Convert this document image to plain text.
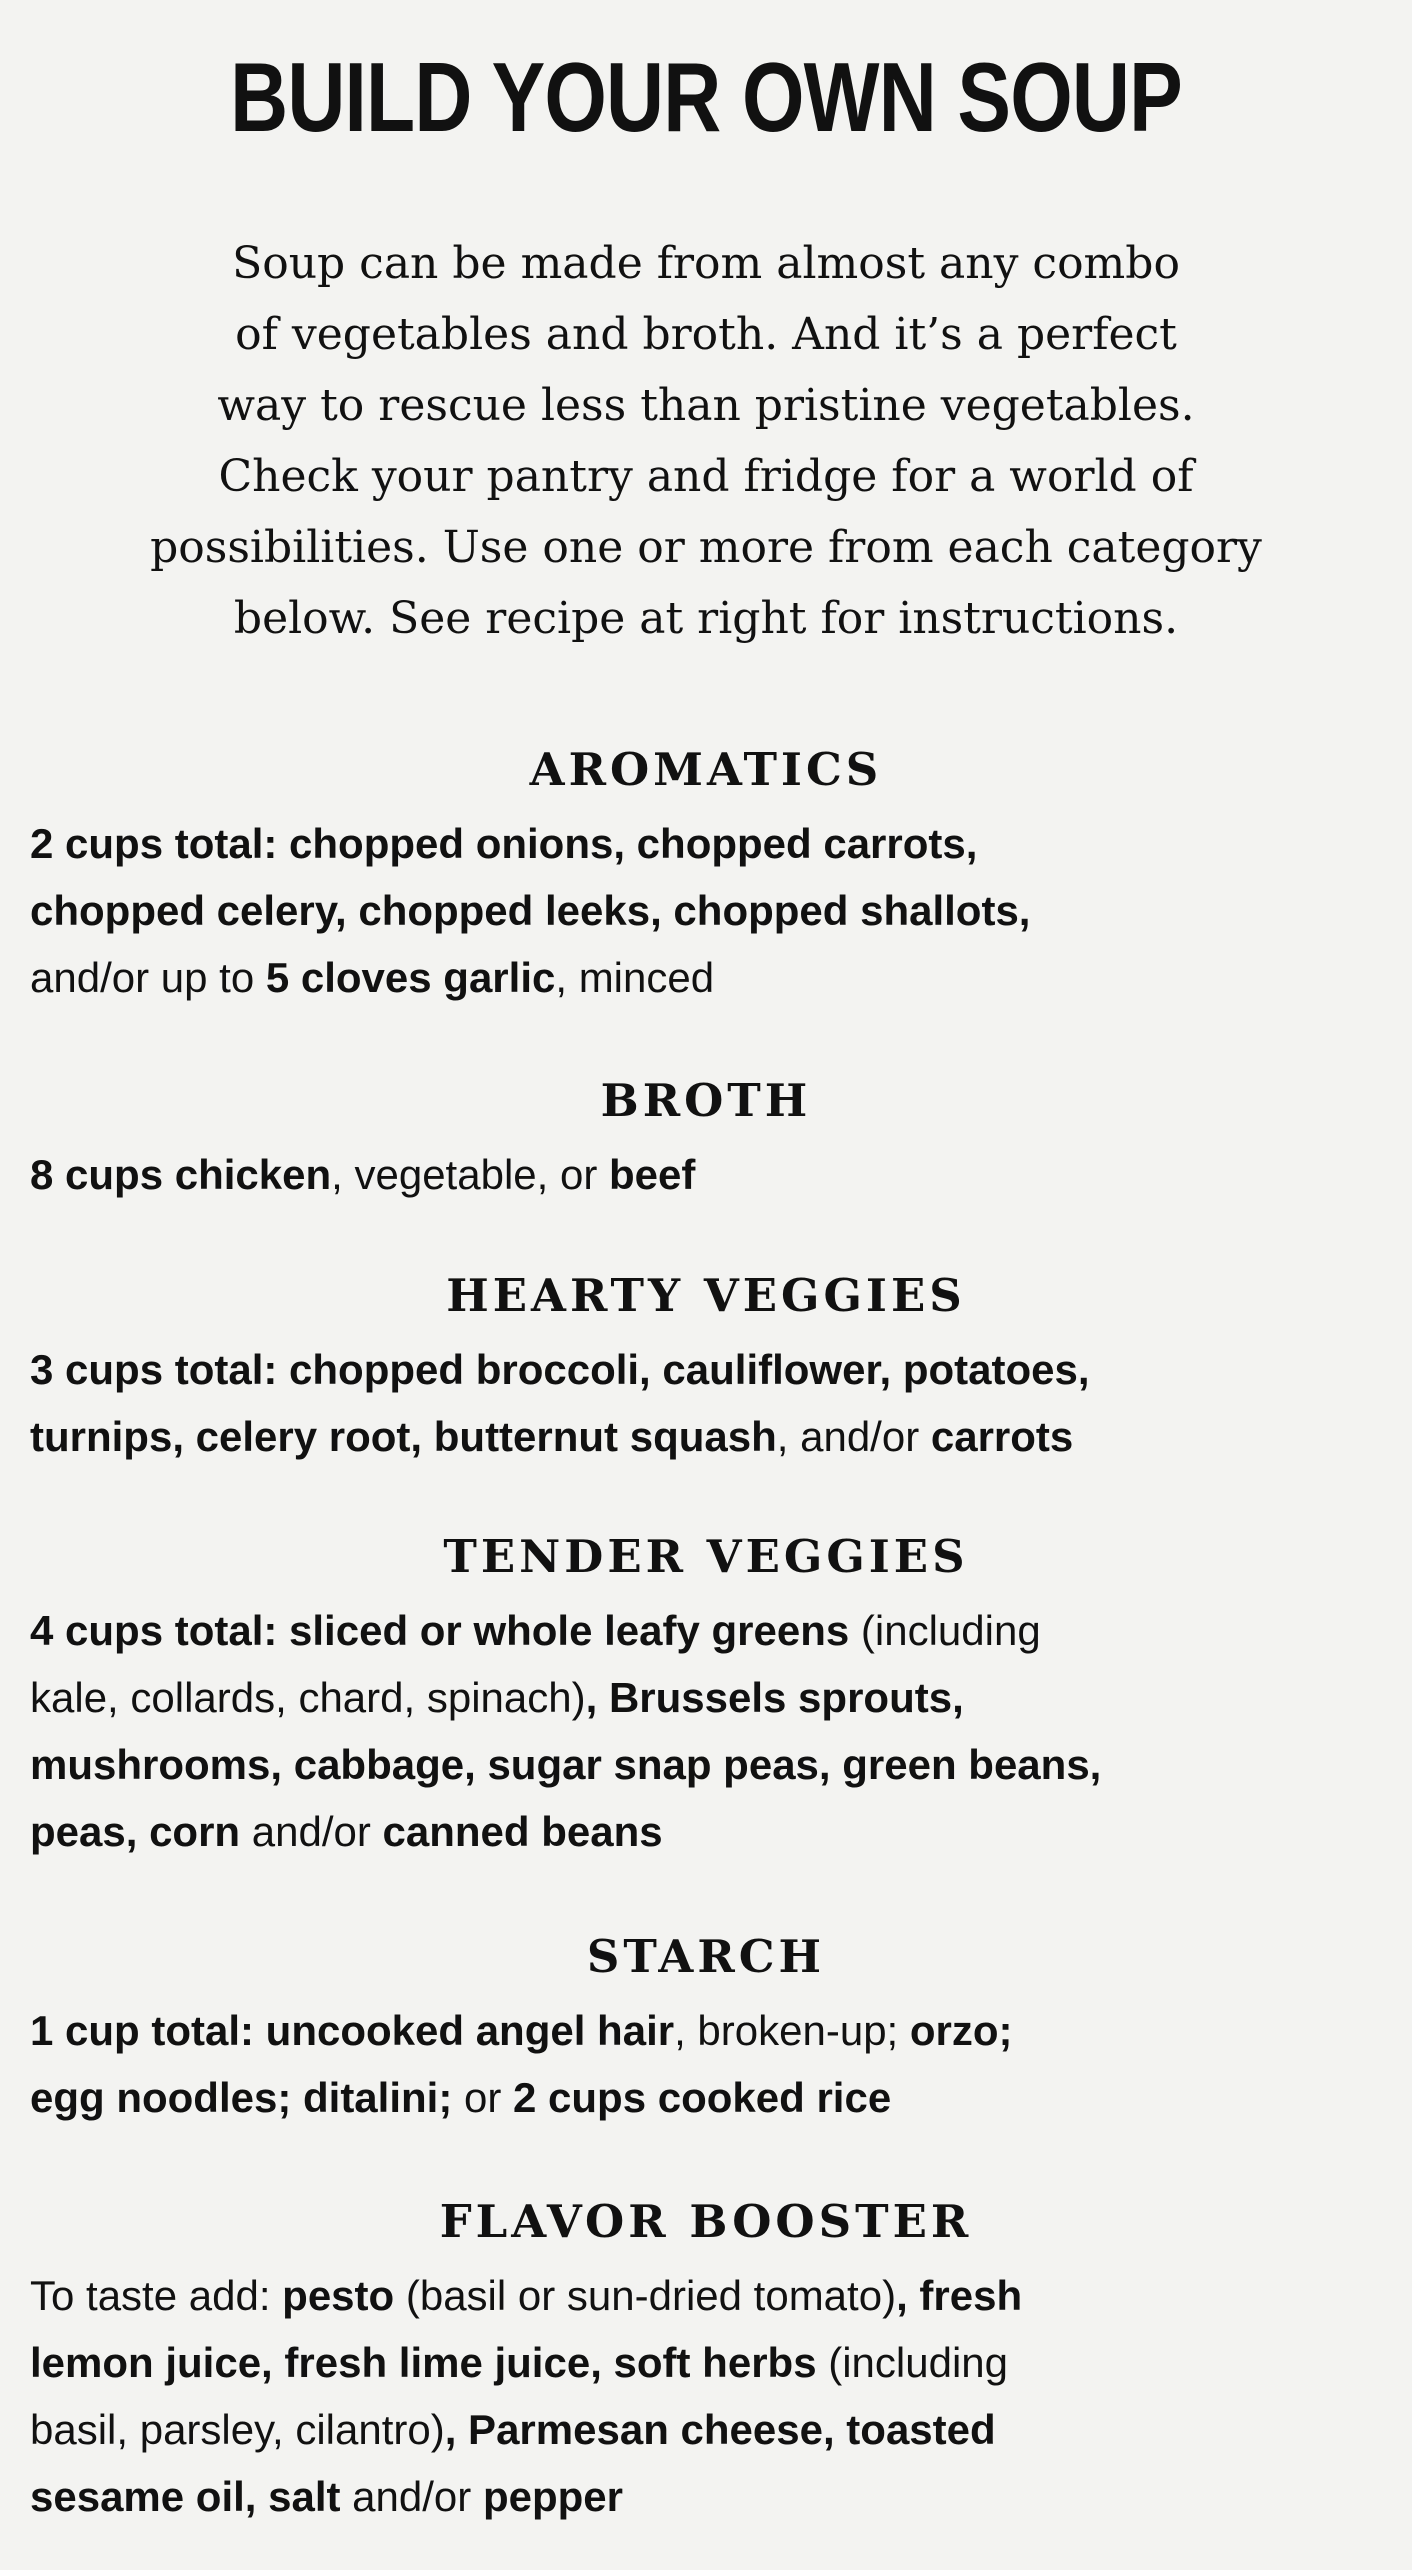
BUILD YOUR OWN SOUP

Soup can be made from almost any combo
of vegetables and broth. And it’s a perfect
way to rescue less than pristine vegetables.
Check your pantry and fridge for a world of
possibilities. Use one or more from each category
below. See recipe at right for instructions.

AROMATICS

2 cups total: chopped onions, chopped carrots,
chopped celery, chopped leeks, chopped shallots,
and/or up to 5 cloves garlic, minced

BROTH

8 cups chicken, vegetable, or beef

HEARTY VEGGIES

3 cups total: chopped broccoli, cauliflower, potatoes,
turnips, celery root, butternut squash, and/or carrots

TENDER VEGGIES

4 cups total: sliced or whole leafy greens (including
kale, collards, chard, spinach), Brussels sprouts,
mushrooms, cabbage, sugar snap peas, green beans,
peas, corn and/or canned beans

STARCH

1 cup total: uncooked angel hair, broken-up; orzo;
egg noodles; ditalini; or 2 cups cooked rice

FLAVOR BOOSTER

To taste add: pesto (basil or sun-dried tomato), fresh
lemon juice, fresh lime juice, soft herbs (including
basil, parsley, cilantro), Parmesan cheese, toasted
sesame oil, salt and/or pepper
